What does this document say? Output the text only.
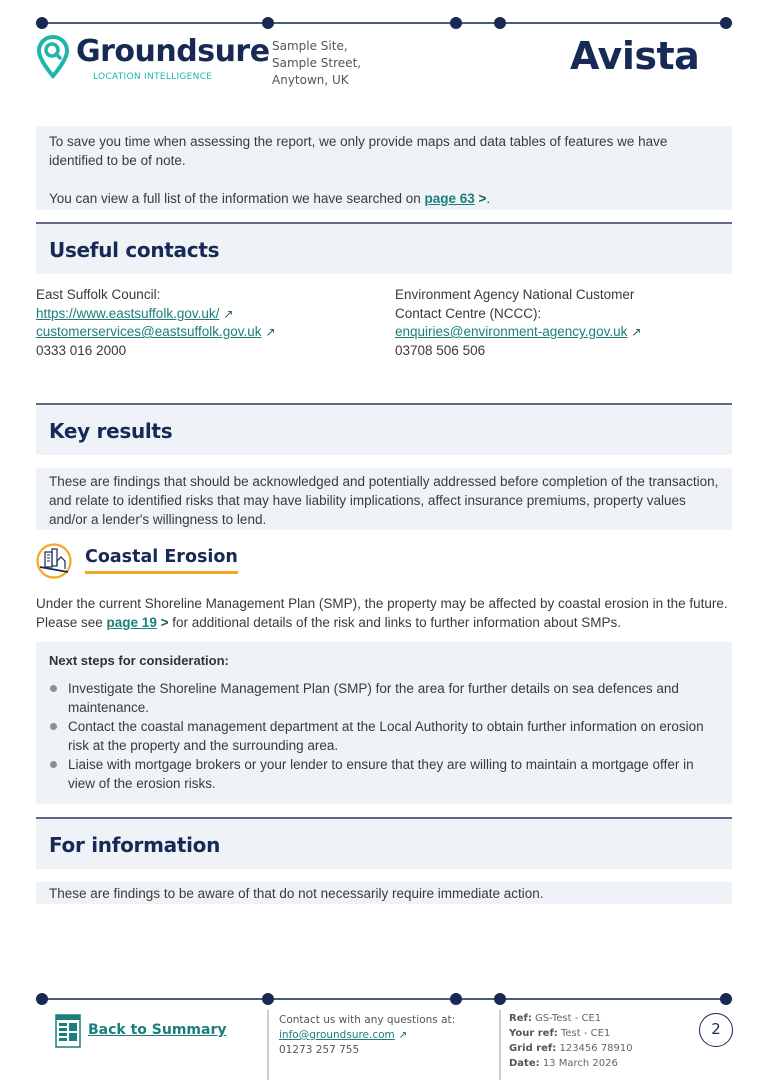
Groundsure
LOCATION INTELLIGENCE
Sample Site,
Sample Street,
Anytown, UK
Avista

To save you time when assessing the report, we only provide maps and data tables of features we have identified to be of note.

You can view a full list of the information we have searched on page 63 >.

Useful contacts
East Suffolk Council:
https://www.eastsuffolk.gov.uk/ ↗
customerservices@eastsuffolk.gov.uk ↗
0333 016 2000
Environment Agency National Customer
Contact Centre (NCCC):
enquiries@environment-agency.gov.uk ↗
03708 506 506
Key results

These are findings that should be acknowledged and potentially addressed before completion of the transaction, and relate to identified risks that may have liability implications, affect insurance premiums, property values and/or a lender's willingness to lend.

Coastal Erosion
Under the current Shoreline Management Plan (SMP), the property may be affected by coastal erosion in the future. Please see page 19 > for additional details of the risk and links to further information about SMPs.
Next steps for consideration:
Investigate the Shoreline Management Plan (SMP) for the area for further details on sea defences and maintenance.
Contact the coastal management department at the Local Authority to obtain further information on erosion risk at the property and the surrounding area.
Liaise with mortgage brokers or your lender to ensure that they are willing to maintain a mortgage offer in view of the erosion risks.
For information

These are findings to be aware of that do not necessarily require immediate action.

Back to Summary
Contact us with any questions at:
info@groundsure.com ↗
01273 257 755
Ref: GS-Test - CE1
Your ref: Test - CE1
Grid ref: 123456 78910
Date: 13 March 2026
2
